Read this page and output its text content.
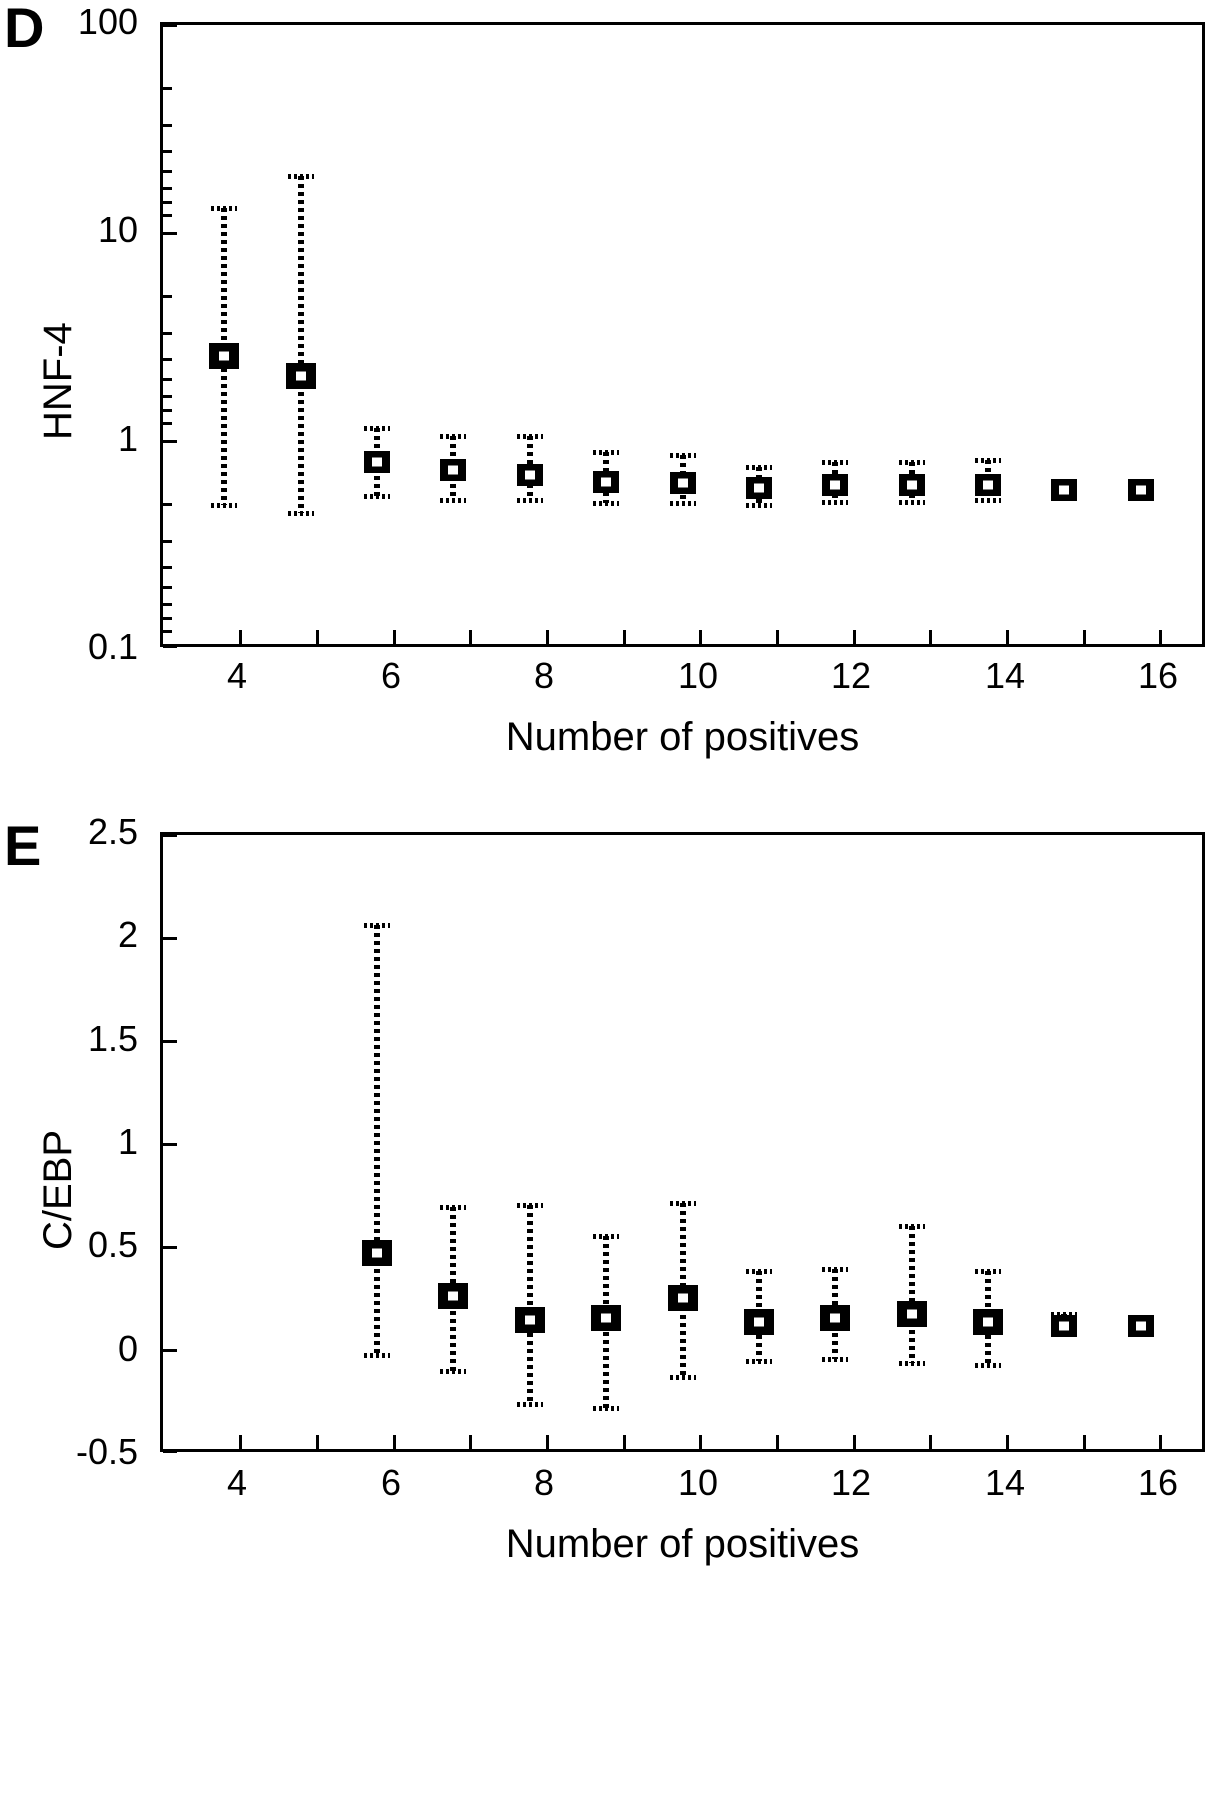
D 100
10
1
0.1
4	6	8	10	12	14	16
Number of positives
HNF-4
E 2.5
2
1.5
1
0.5
0
-0.5
4	6	8	10	12	14	16
Number of positives
C/EBP
